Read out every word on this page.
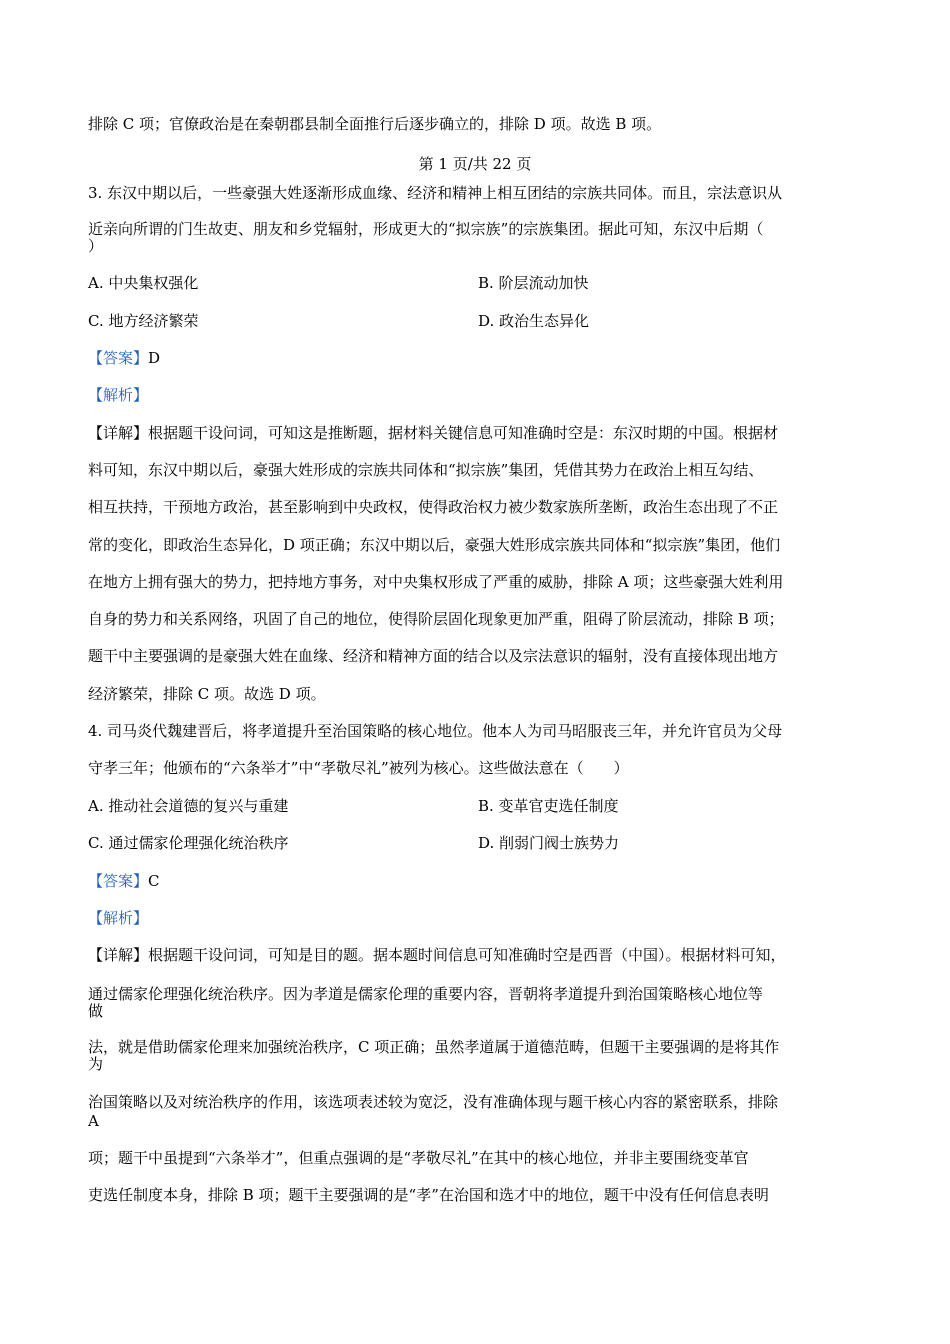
排除 C 项；官僚政治是在秦朝郡县制全面推行后逐步确立的，排除 D 项。故选 B 项。
第 1 页/共 22 页
3. 东汉中期以后，一些豪强大姓逐渐形成血缘、经济和精神上相互团结的宗族共同体。而且，宗法意识从
近亲向所谓的门生故吏、朋友和乡党辐射，形成更大的“拟宗族”的宗族集团。据此可知，东汉中后期（
）
A. 中央集权强化	B. 阶层流动加快
C. 地方经济繁荣	D. 政治生态异化
【答案】D
【解析】
【详解】根据题干设问词，可知这是推断题，据材料关键信息可知准确时空是：东汉时期的中国。根据材
料可知，东汉中期以后，豪强大姓形成的宗族共同体和“拟宗族”集团，凭借其势力在政治上相互勾结、
相互扶持，干预地方政治，甚至影响到中央政权，使得政治权力被少数家族所垄断，政治生态出现了不正
常的变化，即政治生态异化，D 项正确；东汉中期以后，豪强大姓形成宗族共同体和“拟宗族”集团，他们
在地方上拥有强大的势力，把持地方事务，对中央集权形成了严重的威胁，排除 A 项；这些豪强大姓利用
自身的势力和关系网络，巩固了自己的地位，使得阶层固化现象更加严重，阻碍了阶层流动，排除 B 项；
题干中主要强调的是豪强大姓在血缘、经济和精神方面的结合以及宗法意识的辐射，没有直接体现出地方
经济繁荣，排除 C 项。故选 D 项。
4. 司马炎代魏建晋后，将孝道提升至治国策略的核心地位。他本人为司马昭服丧三年，并允许官员为父母
守孝三年；他颁布的“六条举才”中“孝敬尽礼”被列为核心。这些做法意在（　　）
A. 推动社会道德的复兴与重建	B. 变革官吏选任制度
C. 通过儒家伦理强化统治秩序	D. 削弱门阀士族势力
【答案】C
【解析】
【详解】根据题干设问词，可知是目的题。据本题时间信息可知准确时空是西晋（中国）。根据材料可知，
通过儒家伦理强化统治秩序。因为孝道是儒家伦理的重要内容，晋朝将孝道提升到治国策略核心地位等
做
法，就是借助儒家伦理来加强统治秩序，C 项正确；虽然孝道属于道德范畴，但题干主要强调的是将其作
为
治国策略以及对统治秩序的作用，该选项表述较为宽泛，没有准确体现与题干核心内容的紧密联系，排除
A
项；题干中虽提到“六条举才”，但重点强调的是“孝敬尽礼”在其中的核心地位，并非主要围绕变革官
吏选任制度本身，排除 B 项；题干主要强调的是“孝”在治国和选才中的地位，题干中没有任何信息表明
